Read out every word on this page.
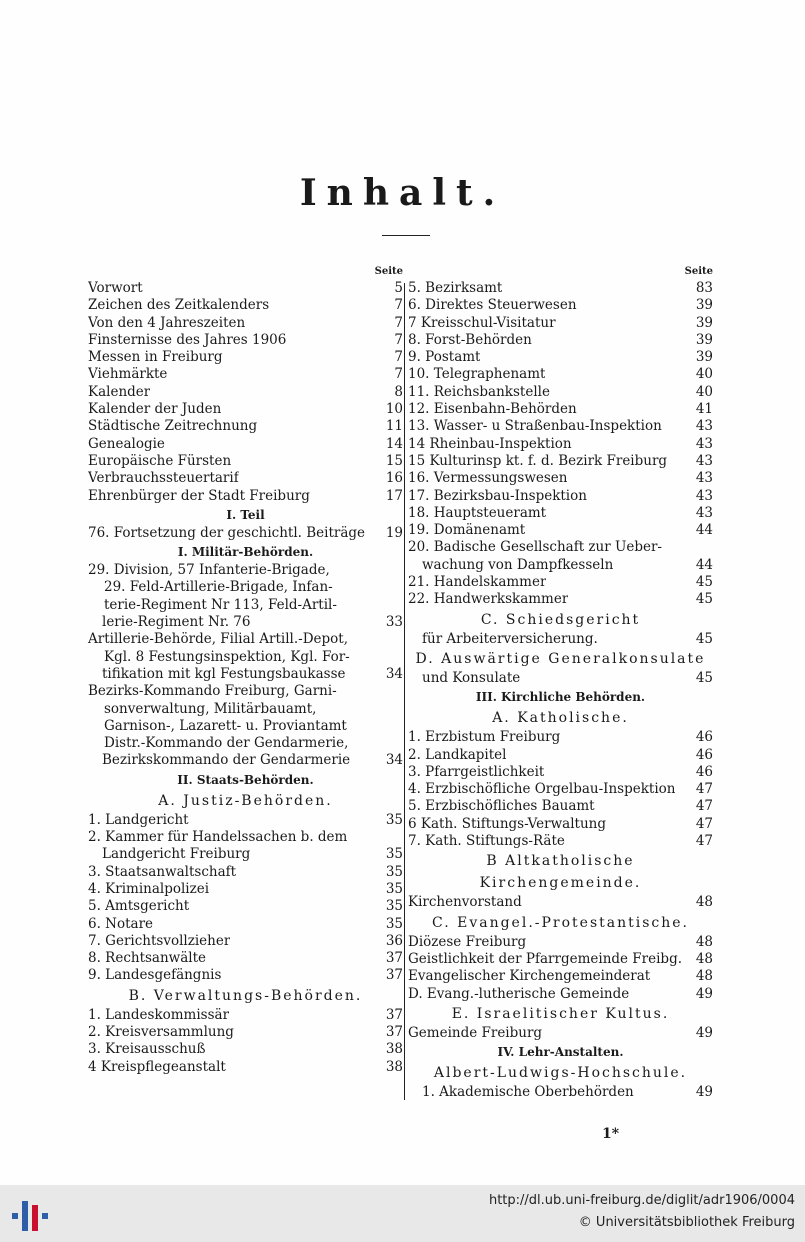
Inhalt.
Seite
Vorwort	5
Zeichen des Zeitkalenders	7
Von den 4 Jahreszeiten	7
Finsternisse des Jahres 1906	7
Messen in Freiburg	7
Viehmärkte	7
Kalender	8
Kalender der Juden	10
Städtische Zeitrechnung	11
Genealogie	14
Europäische Fürsten	15
Verbrauchssteuertarif	16
Ehrenbürger der Stadt Freiburg	17
I. Teil
76. Fortsetzung der geschichtl. Beiträge 19
I. Militär-Behörden.
29. Division, 57 Infanterie-Brigade,
29. Feld-Artillerie-Brigade, Infan-
terie-Regiment Nr 113, Feld-Artil-
lerie-Regiment Nr. 76	33
Artillerie-Behörde, Filial Artill.-Depot,
Kgl. 8 Festungsinspektion, Kgl. For-
tifikation mit kgl Festungsbaukasse	34
Bezirks-Kommando Freiburg, Garni-
sonverwaltung, Militärbauamt,
Garnison-, Lazarett- u. Proviantamt
Distr.-Kommando der Gendarmerie,
Bezirkskommando der Gendarmerie	34
II. Staats-Behörden.
A. Justiz-Behörden.
1. Landgericht	35
2. Kammer für Handelssachen b. dem
Landgericht Freiburg	35
3. Staatsanwaltschaft	35
4. Kriminalpolizei	35
5. Amtsgericht	35
6. Notare	35
7. Gerichtsvollzieher	36
8. Rechtsanwälte	37
9. Landesgefängnis	37
B. Verwaltungs-Behörden.
1. Landeskommissär	37
2. Kreisversammlung	37
3. Kreisausschuß	38
4 Kreispflegeanstalt	38
Seite
5. Bezirksamt	83
6. Direktes Steuerwesen	39
7 Kreisschul-Visitatur	39
8. Forst-Behörden	39
9. Postamt	39
10. Telegraphenamt	40
11. Reichsbankstelle	40
12. Eisenbahn-Behörden	41
13. Wasser- u Straßenbau-Inspektion	43
14 Rheinbau-Inspektion	43
15 Kulturinsp kt. f. d. Bezirk Freiburg 43
16. Vermessungswesen	43
17. Bezirksbau-Inspektion	43
18. Hauptsteueramt	43
19. Domänenamt	44
20. Badische Gesellschaft zur Ueber-
wachung von Dampfkesseln	44
21. Handelskammer	45
22. Handwerkskammer	45
C. Schiedsgericht
für Arbeiterversicherung.	45
D. Auswärtige Generalkonsulate
und Konsulate	45
III. Kirchliche Behörden.
A. Katholische.
1. Erzbistum Freiburg	46
2. Landkapitel	46
3. Pfarrgeistlichkeit	46
4. Erzbischöfliche Orgelbau-Inspektion 47
5. Erzbischöfliches Bauamt	47
6 Kath. Stiftungs-Verwaltung	47
7. Kath. Stiftungs-Räte	47
B Altkatholische Kirchengemeinde.
Kirchenvorstand	48
C. Evangel.-Protestantische.
Diözese Freiburg	48
Geistlichkeit der Pfarrgemeinde Freibg. 48
Evangelischer Kirchengemeinderat	48
D. Evang.-lutherische Gemeinde	49
E. Israelitischer Kultus.
Gemeinde Freiburg	49
IV. Lehr-Anstalten.
Albert-Ludwigs-Hochschule.
1. Akademische Oberbehörden	49
1*
http://dl.ub.uni-freiburg.de/diglit/adr1906/0004
© Universitätsbibliothek Freiburg
